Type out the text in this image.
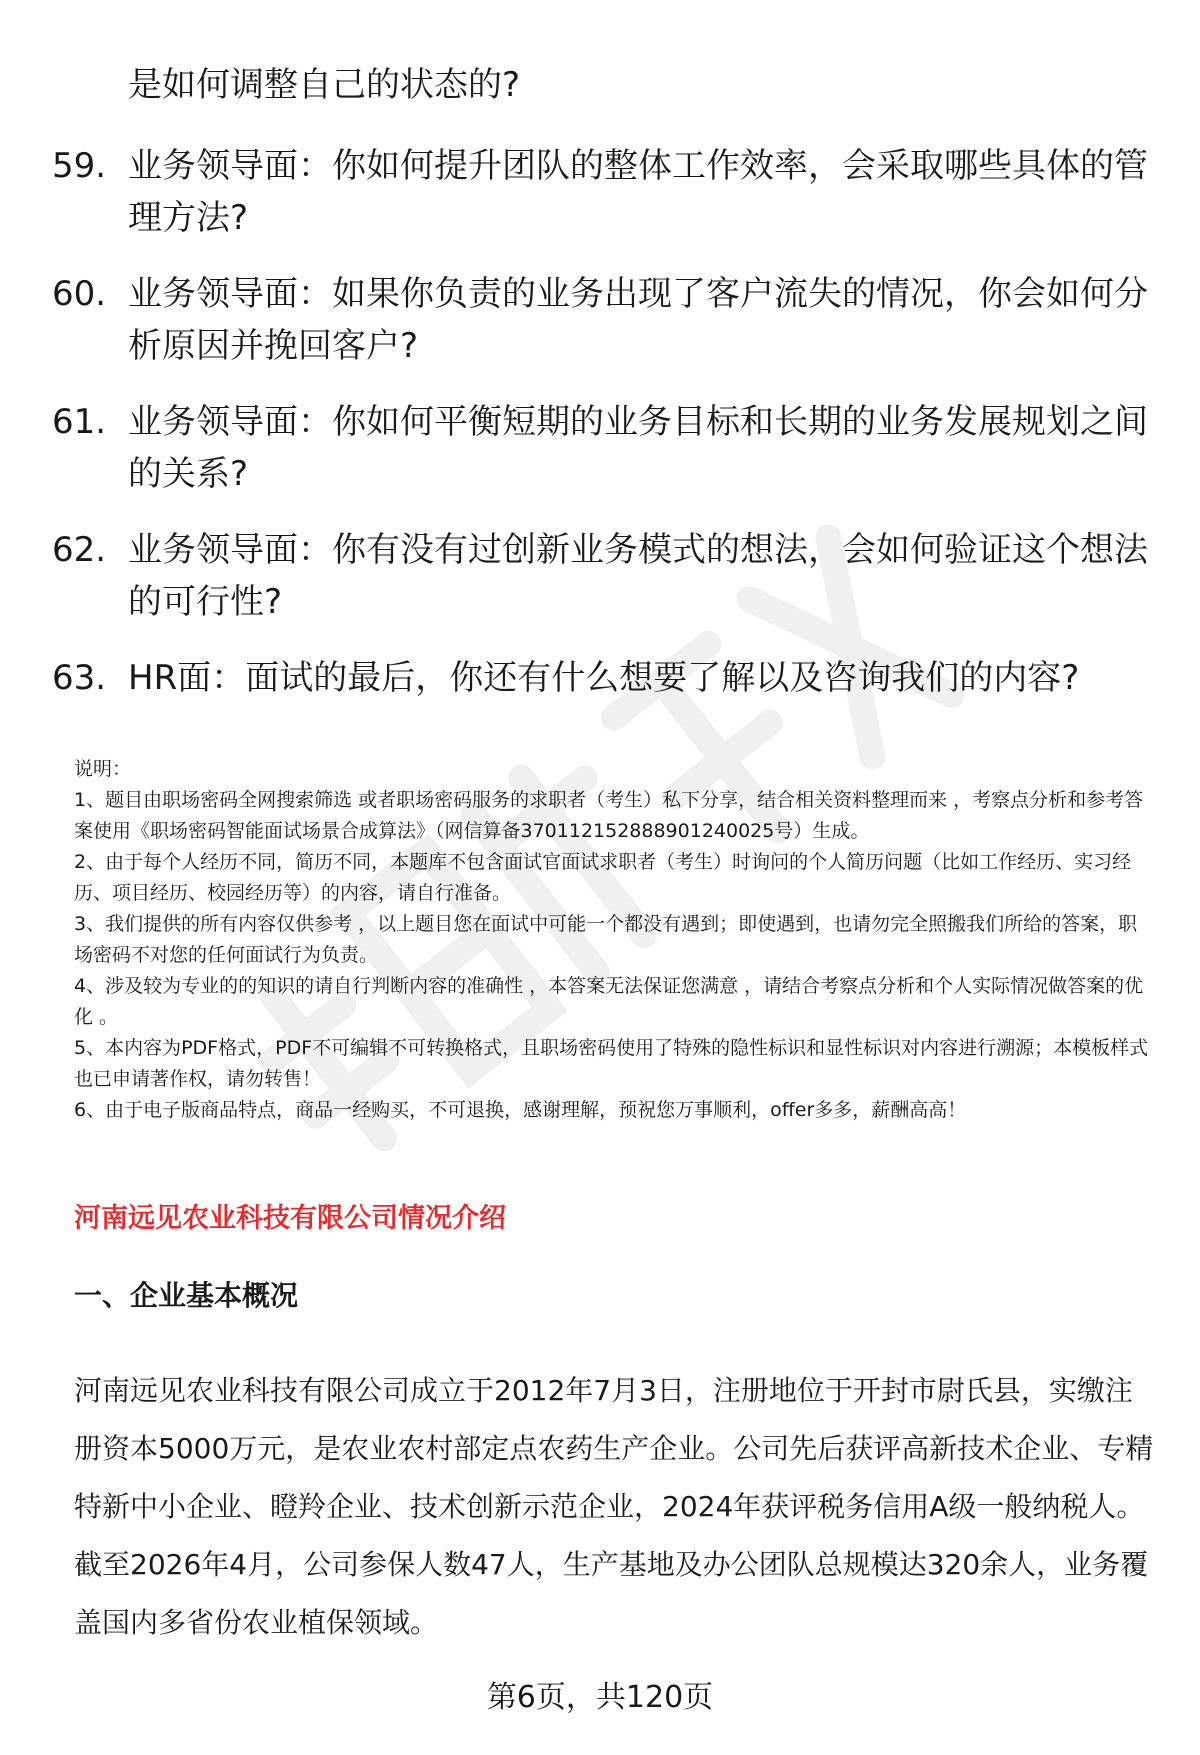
是如何调整自己的状态的?
59. 业务领导面：你如何提升团队的整体工作效率，会采取哪些具体的管理方法?
60. 业务领导面：如果你负责的业务出现了客户流失的情况，你会如何分析原因并挽回客户?
61. 业务领导面：你如何平衡短期的业务目标和长期的业务发展规划之间的关系?
62. 业务领导面：你有没有过创新业务模式的想法，会如何验证这个想法的可行性?
63. HR面：面试的最后，你还有什么想要了解以及咨询我们的内容?

说明：

1、题目由职场密码全网搜索筛选 或者职场密码服务的求职者（考生）私下分享，结合相关资料整理而来 ，考察点分析和参考答案使用《职场密码智能面试场景合成算法》（网信算备370112152888901240025号）生成。

2、由于每个人经历不同，简历不同，本题库不包含面试官面试求职者（考生）时询问的个人简历问题（比如工作经历、实习经历、项目经历、校园经历等）的内容，请自行准备。

3、我们提供的所有内容仅供参考 ，以上题目您在面试中可能一个都没有遇到；即使遇到，也请勿完全照搬我们所给的答案，职场密码不对您的任何面试行为负责。

4、涉及较为专业的的知识的请自行判断内容的准确性 ，本答案无法保证您满意 ，请结合考察点分析和个人实际情况做答案的优化 。

5、本内容为PDF格式，PDF不可编辑不可转换格式，且职场密码使用了特殊的隐性标识和显性标识对内容进行溯源；本模板样式也已申请著作权，请勿转售！

6、由于电子版商品特点，商品一经购买，不可退换，感谢理解，预祝您万事顺利，offer多多，薪酬高高！

河南远见农业科技有限公司情况介绍
一、企业基本概况

河南远见农业科技有限公司成立于2012年7月3日，注册地位于开封市尉氏县，实缴注册资本5000万元，是农业农村部定点农药生产企业。公司先后获评高新技术企业、专精特新中小企业、瞪羚企业、技术创新示范企业，2024年获评税务信用A级一般纳税人。截至2026年4月，公司参保人数47人，生产基地及办公团队总规模达320余人，业务覆盖国内多省份农业植保领域。

第6页，共120页
